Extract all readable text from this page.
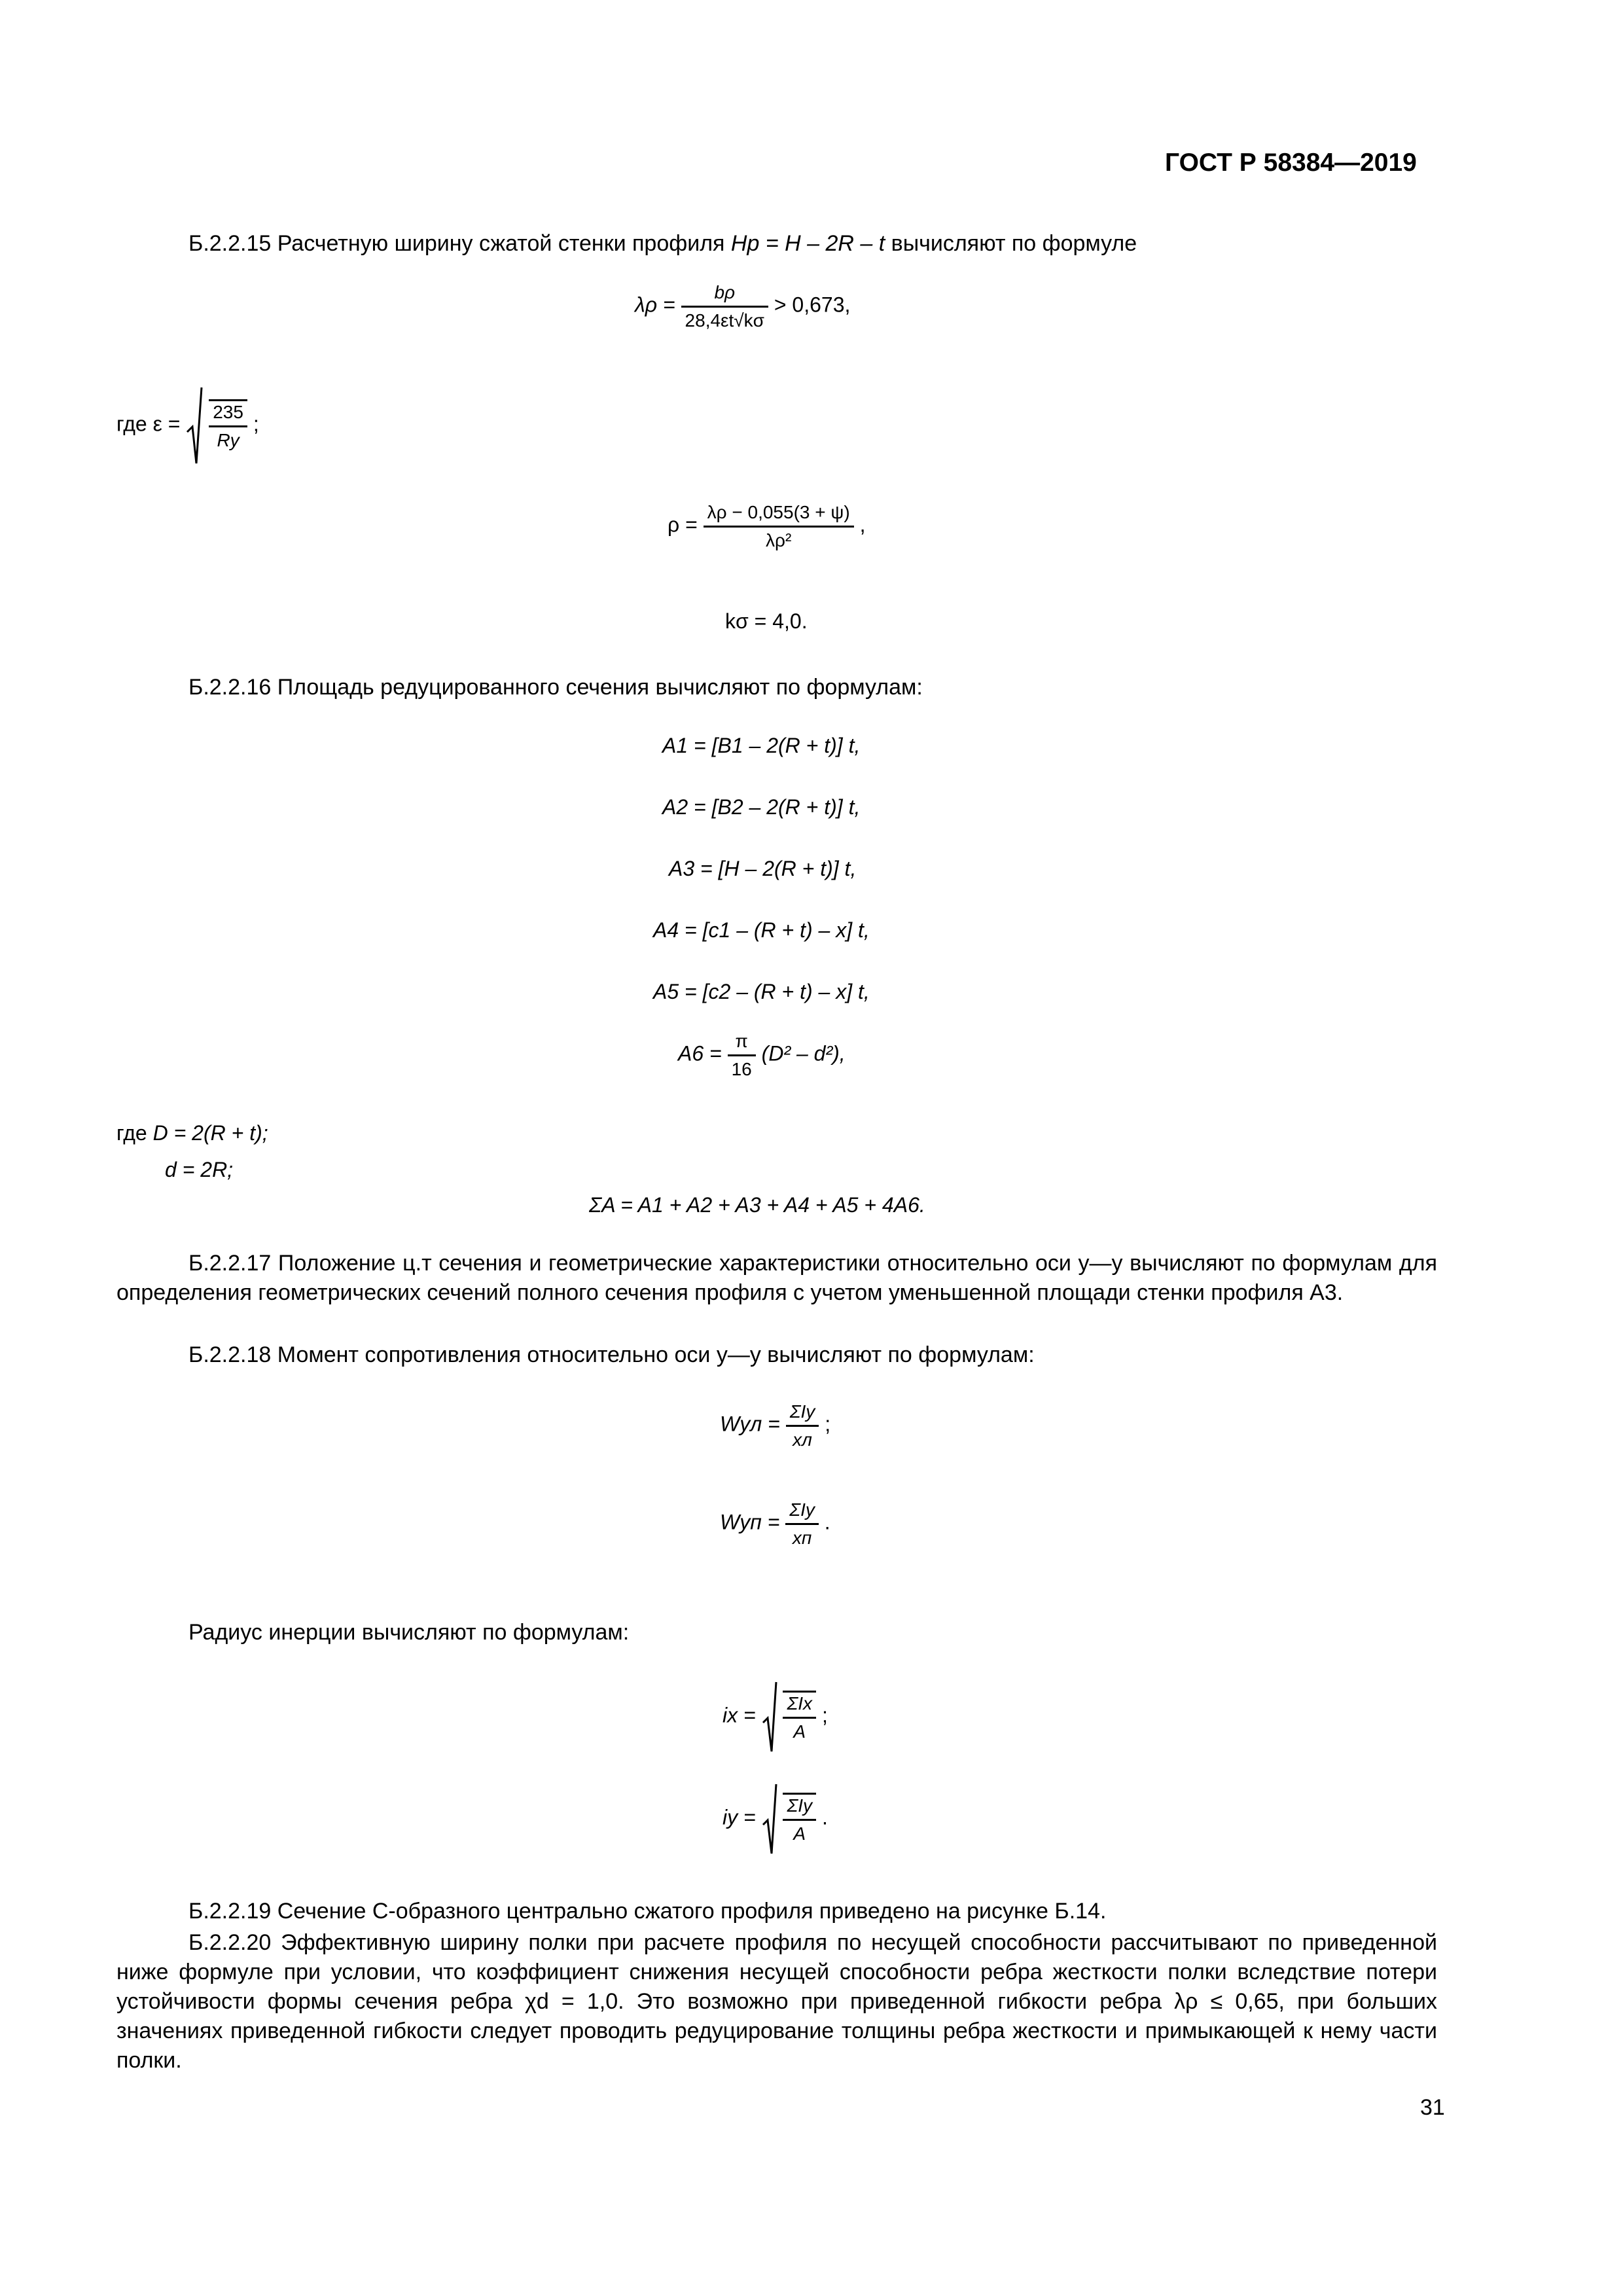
ГОСТ Р 58384—2019
Б.2.2.15 Расчетную ширину сжатой стенки профиля Hp = H – 2R – t вычисляют по формуле
$\lambda\rho = \frac{b\rho}{28,4\varepsilon t√k\sigma} > 0,673$,
где $\varepsilon = \frac{235}{Ry}$ ;
$\rho = \frac{\lambda\rho - 0,055(3 + \psi)}{\text{λρ²}}$ ,
kσ = 4,0.
Б.2.2.16 Площадь редуцированного сечения вычисляют по формулам:
A1 = [B1 – 2(R + t)] t,
A2 = [B2 – 2(R + t)] t,
A3 = [H – 2(R + t)] t,
A4 = [c1 – (R + t) – x] t,
A5 = [c2 – (R + t) – x] t,
$A6 = \frac{\pi}{16} (D^2 - d^2)$,
где D = 2(R + t);
d = 2R;
ΣA = A1 + A2 + A3 + A4 + A5 + 4A6.
Б.2.2.17 Положение ц.т сечения и геометрические характеристики относительно оси y—y вычисляют по формулам для определения геометрических сечений полного сечения профиля с учетом уменьшенной площади стенки профиля A3.
Б.2.2.18 Момент сопротивления относительно оси y—y вычисляют по формулам:
Wyл = $\frac{\text{ΣIy}}{xл}$ ;
Wyп = $\frac{\text{ΣIy}}{xп}$ .
Радиус инерции вычисляют по формулам:
ix = $\frac{\text{ΣIx}}{A}$ ;
iy = $\frac{\text{ΣIy}}{A}$ .
Б.2.2.19 Сечение С-образного центрально сжатого профиля приведено на рисунке Б.14.
Б.2.2.20 Эффективную ширину полки при расчете профиля по несущей способности рассчитывают по приведенной ниже формуле при условии, что коэффициент снижения несущей способности ребра жесткости полки вследствие потери устойчивости формы сечения ребра χd = 1,0. Это возможно при приведенной гибкости ребра λρ ≤ 0,65, при больших значениях приведенной гибкости следует проводить редуцирование толщины ребра жесткости и примыкающей к нему части полки.
31
